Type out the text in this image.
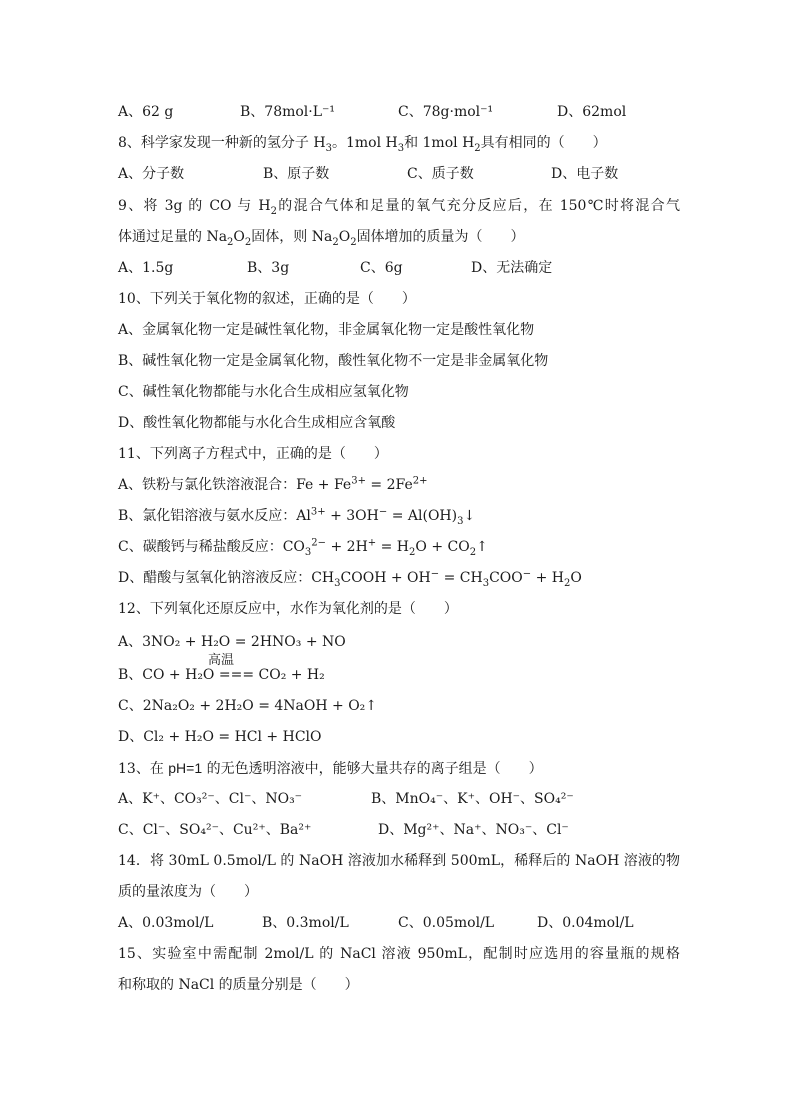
A、62 g	B、78mol·L⁻¹	C、78g·mol⁻¹	D、62mol
8、科学家发现一种新的氢分子 $H_3$。1mol $H_3$和 1mol $H_2$具有相同的（　　）
A、分子数	B、原子数	C、质子数	D、电子数
9、将 3g 的 CO 与 $H_2$的混合气体和足量的氧气充分反应后，在 150℃时将混合气
体通过足量的 $Na_2O_2$固体，则 $Na_2O_2$固体增加的质量为（　　）
A、1.5g	B、3g	C、6g	D、无法确定
10、下列关于氧化物的叙述，正确的是（　　）
A、金属氧化物一定是碱性氧化物，非金属氧化物一定是酸性氧化物
B、碱性氧化物一定是金属氧化物，酸性氧化物不一定是非金属氧化物
C、碱性氧化物都能与水化合生成相应氢氧化物
D、酸性氧化物都能与水化合生成相应含氧酸
11、下列离子方程式中，正确的是（　　）
A、铁粉与氯化铁溶液混合：$Fe + Fe^{3+} = 2Fe^{2+}$
B、氯化铝溶液与氨水反应：$Al^{3+} + 3OH^-$ = $Al(OH)_3↓$
C、碳酸钙与稀盐酸反应：$CO_3^{2-} + 2H^+ = H_2O$ + $CO_2↑$
D、醋酸与氢氧化钠溶液反应：$CH_3COOH + OH^- = CH_3COO^- + H_2O$
12、下列氧化还原反应中，水作为氧化剂的是（　　）
A、3NO₂ + H₂O = 2HNO₃ + NO
高温
B、CO + H₂O === CO₂ + H₂
C、2Na₂O₂ + 2H₂O = 4NaOH + O₂↑
D、Cl₂ + H₂O = HCl + HClO
13、在 pH=1 的无色透明溶液中，能够大量共存的离子组是（　　）
A、K⁺、CO₃²⁻、Cl⁻、NO₃⁻	B、MnO₄⁻、K⁺、OH⁻、SO₄²⁻
C、Cl⁻、SO₄²⁻、Cu²⁺、Ba²⁺	D、Mg²⁺、Na⁺、NO₃⁻、Cl⁻
14．将 30mL 0.5mol/L 的 NaOH 溶液加水稀释到 500mL，稀释后的 NaOH 溶液的物
质的量浓度为（　　）
A、0.03mol/L	B、0.3mol/L	C、0.05mol/L	D、0.04mol/L
15、实验室中需配制 2mol/L 的 NaCl 溶液 950mL，配制时应选用的容量瓶的规格
和称取的 NaCl 的质量分别是（　　）
